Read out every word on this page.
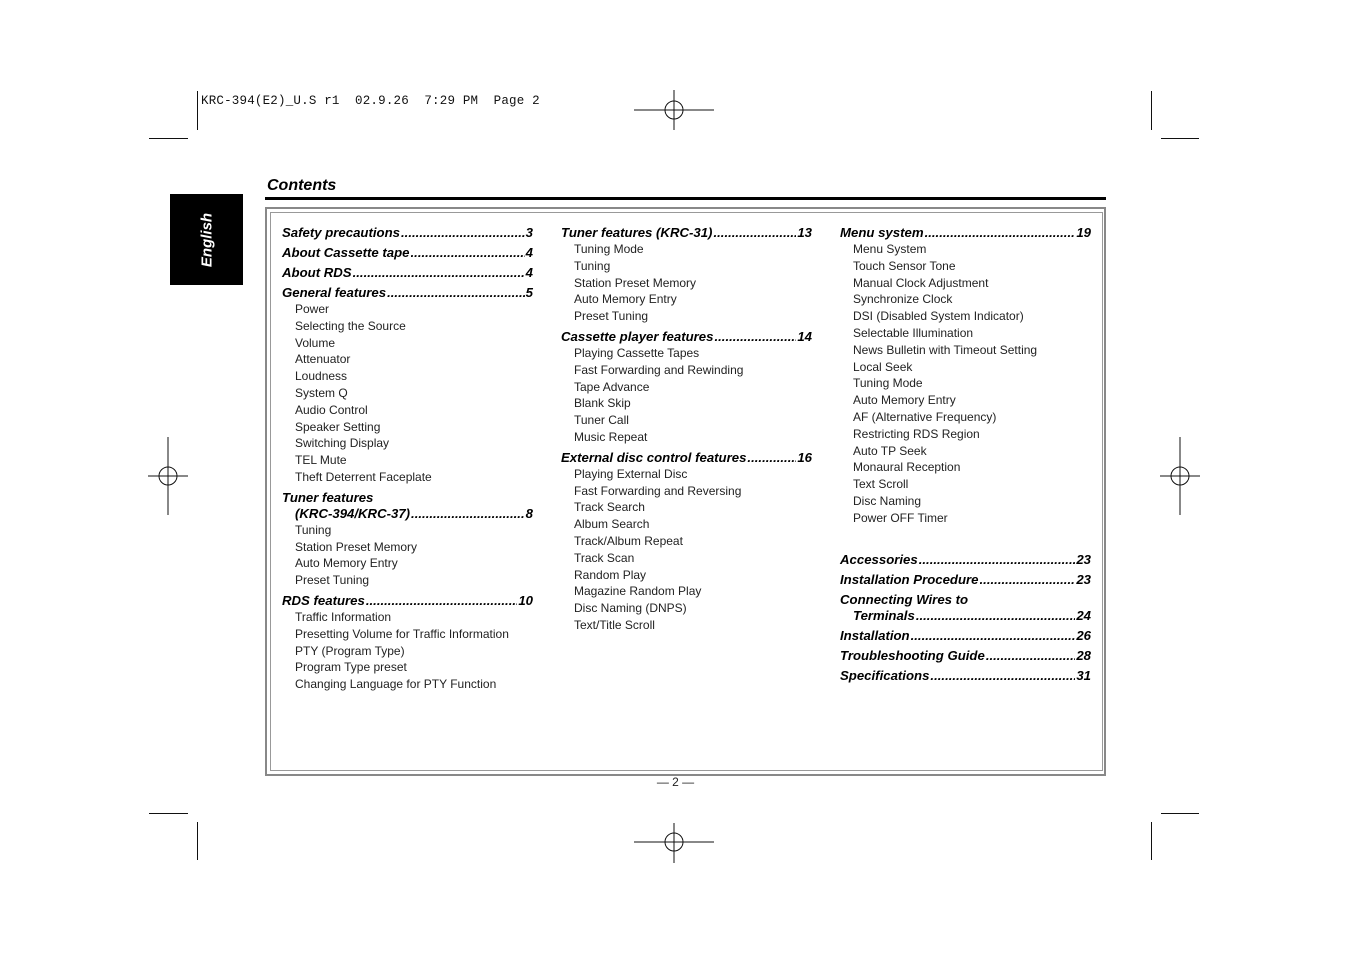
KRC-394(E2)_U.S r1  02.9.26  7:29 PM  Page 2
English
Contents
Safety precautions .....	3
About Cassette tape .....	4
About RDS .....	4
General features .....	5
Power
Selecting the Source
Volume
Attenuator
Loudness
System Q
Audio Control
Speaker Setting
Switching Display
TEL Mute
Theft Deterrent Faceplate
Tuner features
(KRC-394/KRC-37) .....	8
Tuning
Station Preset Memory
Auto Memory Entry
Preset Tuning
RDS features .....	10
Traffic Information
Presetting Volume for Traffic Information
PTY (Program Type)
Program Type preset
Changing Language for PTY Function
Tuner features (KRC-31) .....	13
Tuning Mode
Tuning
Station Preset Memory
Auto Memory Entry
Preset Tuning
Cassette player features .....	14
Playing Cassette Tapes
Fast Forwarding and Rewinding
Tape Advance
Blank Skip
Tuner Call
Music Repeat
External disc control features .....	16
Playing External Disc
Fast Forwarding and Reversing
Track Search
Album Search
Track/Album Repeat
Track Scan
Random Play
Magazine Random Play
Disc Naming (DNPS)
Text/Title Scroll
Menu system .....	19
Menu System
Touch Sensor Tone
Manual Clock Adjustment
Synchronize Clock
DSI (Disabled System Indicator)
Selectable Illumination
News Bulletin with Timeout Setting
Local Seek
Tuning Mode
Auto Memory Entry
AF (Alternative Frequency)
Restricting RDS Region
Auto TP Seek
Monaural Reception
Text Scroll
Disc Naming
Power OFF Timer
Accessories .....	23
Installation Procedure .....	23
Connecting Wires to
Terminals .....	24
Installation .....	26
Troubleshooting Guide .....	28
Specifications .....	31
— 2 —
